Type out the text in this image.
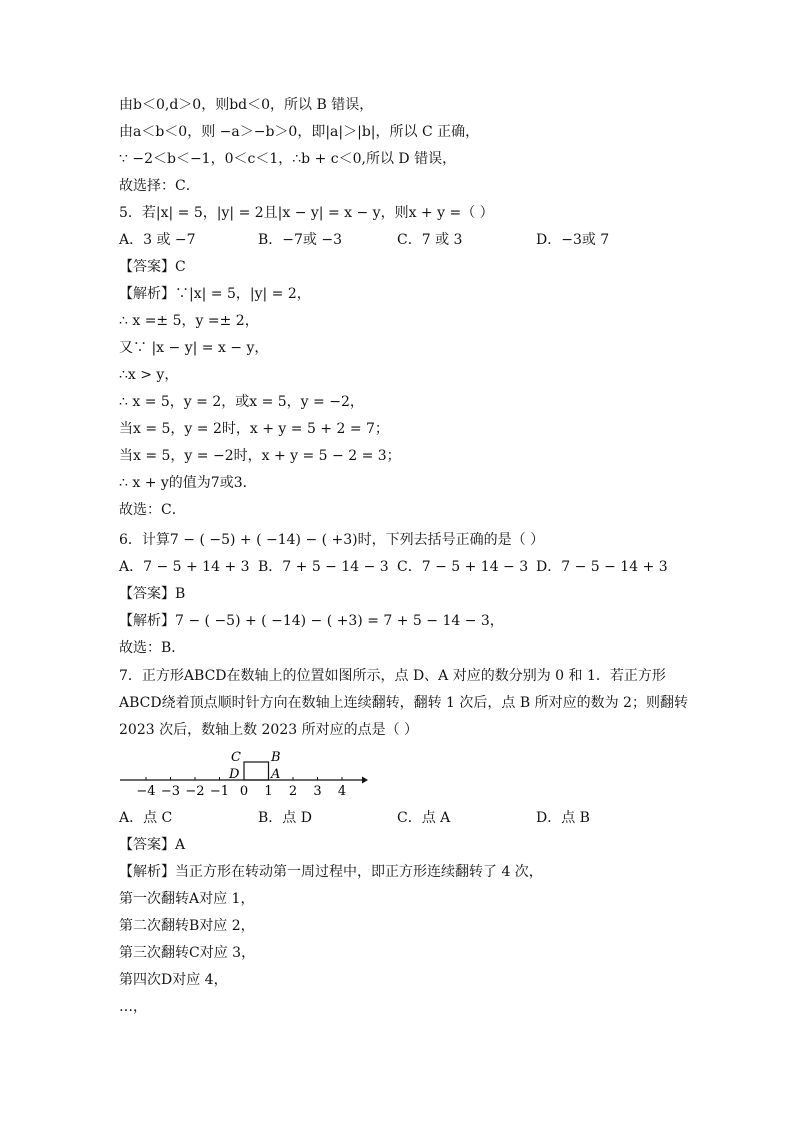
由b＜0,d＞0，则bd＜0，所以 B 错误，
由a＜b＜0，则 −a＞−b＞0，即|a|＞|b|，所以 C 正确，
∵ −2＜b＜−1，0＜c＜1，∴b + c＜0,所以 D 错误，
故选择：C．
5．若|x| = 5，|y| = 2且|x − y| = x − y，则x + y =（ ）
A．3 或 −7	B．−7或 −3	C．7 或 3	D．−3或 7
【答案】C
【解析】∵|x| = 5，|y| = 2，
∴ x =± 5，y =± 2，
又∵ |x − y| = x − y，
∴x > y，
∴ x = 5，y = 2，或x = 5，y = −2，
当x = 5，y = 2时，x + y = 5 + 2 = 7；
当x = 5，y = −2时，x + y = 5 − 2 = 3；
∴ x + y的值为7或3．
故选：C．
6．计算7 − ( −5) + ( −14) − ( +3)时，下列去括号正确的是（ ）
A．7 − 5 + 14 + 3 B．7 + 5 − 14 − 3 C．7 − 5 + 14 − 3 D．7 − 5 − 14 + 3
【答案】B
【解析】7 − ( −5) + ( −14) − ( +3) = 7 + 5 − 14 − 3，
故选：B．
7．正方形ABCD在数轴上的位置如图所示，点 D、A 对应的数分别为 0 和 1．若正方形
ABCD绕着顶点顺时针方向在数轴上连续翻转，翻转 1 次后，点 B 所对应的数为 2；则翻转
2023 次后，数轴上数 2023 所对应的点是（ ）
−4 −3 −2 −1 0 1 2 3 4
C B
D A
A．点 C	B．点 D	C．点 A	D．点 B
【答案】A
【解析】当正方形在转动第一周过程中，即正方形连续翻转了 4 次，
第一次翻转A对应 1，
第二次翻转B对应 2，
第三次翻转C对应 3，
第四次D对应 4，
…，
